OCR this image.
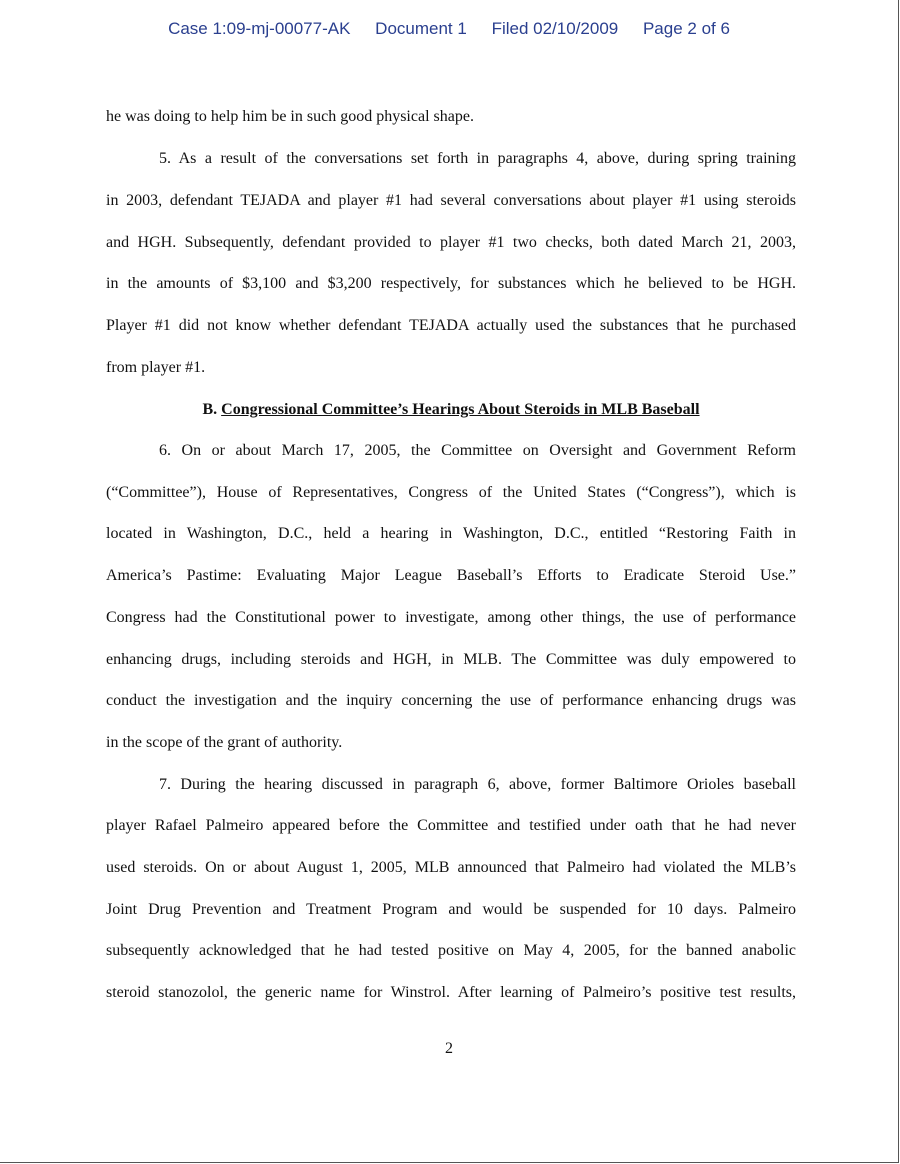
Case 1:09-mj-00077-AK Document 1 Filed 02/10/2009 Page 2 of 6
he was doing to help him be in such good physical shape.
5. As a result of the conversations set forth in paragraphs 4, above, during spring training
in 2003, defendant TEJADA and player #1 had several conversations about player #1 using steroids
and HGH. Subsequently, defendant provided to player #1 two checks, both dated March 21, 2003,
in the amounts of $3,100 and $3,200 respectively, for substances which he believed to be HGH.
Player #1 did not know whether defendant TEJADA actually used the substances that he purchased
from player #1.
B. Congressional Committee’s Hearings About Steroids in MLB Baseball
6. On or about March 17, 2005, the Committee on Oversight and Government Reform
(“Committee”), House of Representatives, Congress of the United States (“Congress”), which is
located in Washington, D.C., held a hearing in Washington, D.C., entitled “Restoring Faith in
America’s Pastime: Evaluating Major League Baseball’s Efforts to Eradicate Steroid Use.”
Congress had the Constitutional power to investigate, among other things, the use of performance
enhancing drugs, including steroids and HGH, in MLB. The Committee was duly empowered to
conduct the investigation and the inquiry concerning the use of performance enhancing drugs was
in the scope of the grant of authority.
7. During the hearing discussed in paragraph 6, above, former Baltimore Orioles baseball
player Rafael Palmeiro appeared before the Committee and testified under oath that he had never
used steroids. On or about August 1, 2005, MLB announced that Palmeiro had violated the MLB’s
Joint Drug Prevention and Treatment Program and would be suspended for 10 days. Palmeiro
subsequently acknowledged that he had tested positive on May 4, 2005, for the banned anabolic
steroid stanozolol, the generic name for Winstrol. After learning of Palmeiro’s positive test results,
2
